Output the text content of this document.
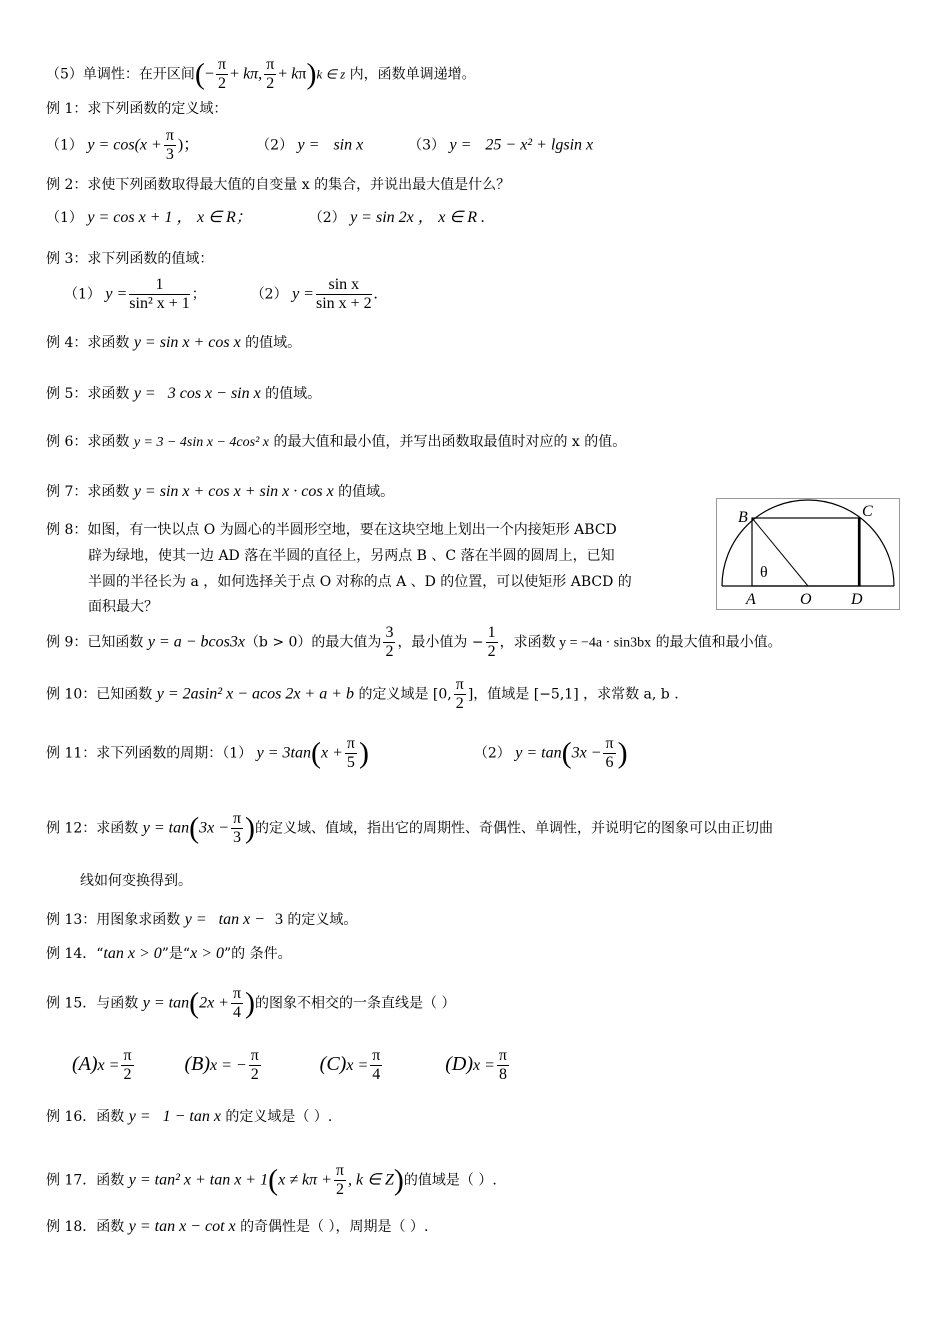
（5）单调性：在开区间(− $\frac{\pi}{2} + k\pi$, $\frac{\pi}{2} + k\pi)k$ ∈ z 内，函数单调递增。
例 1：求下列函数的定义域：
（1） $y = \cos(x + \frac{\pi}{3}$ )；	（2） y = sin x	（3） y = 25 − x² + lgsin x
例 2：求使下列函数取得最大值的自变量 x 的集合，并说出最大值是什么？
（1） y = cos x + 1 ， x ∈ R；	（2） y = sin 2x ， x ∈ R .
例 3：求下列函数的值域：
（1） $y = \frac{1}{\text{sin² x + 1}}$ ；	（2） $y = \frac{\text{sin x}}{\text{sin x + 2}}$ .
例 4：求函数 y = sin x + cos x 的值域。
例 5：求函数 y = 3 cos x − sin x 的值域。
例 6：求函数 y = 3 − 4sin x − 4cos² x 的最大值和最小值，并写出函数取最值时对应的 x 的值。
例 7：求函数 y = sin x + cos x + sin x · cos x 的值域。
例 8：如图，有一快以点 O 为圆心的半圆形空地，要在这块空地上划出一个内接矩形 ABCD
辟为绿地，使其一边 AD 落在半圆的直径上，另两点 B 、C 落在半圆的圆周上，已知
半圆的半径长为 a ，如何选择关于点 O 对称的点 A 、D 的位置，可以使矩形 ABCD 的
面积最大？
B	C
θ
A	O D
例 9：已知函数 y = a − bcos3x（b > 0）的最大值为 $\frac{3}{2}$ ，最小值为 − $\frac{1}{2}$ ，求函数 y = −4a · sin3bx 的最大值和最小值。
例 10：已知函数 y = 2asin² x − acos 2x + a + b 的定义域是 [0, $\frac{\pi}{2}$ ]，值域是 [−5,1] ，求常数 a, b .
例 11：求下列函数的周期：（1） $y = 3\tan(x + \frac{\pi}{5}$ )	（2） $y = \tan(3x - \frac{\pi}{6}$ )
例 12：求函数 $y = \tan(3x - \frac{\pi}{3}$ )的定义域、值域，指出它的周期性、奇偶性、单调性，并说明它的图象可以由正切曲
线如何变换得到。
例 13：用图象求函数 y = tan x − 3 的定义域。
例 14．“tan x > 0”是“x > 0”的 条件。
例 15．与函数 $y = \tan(2x + \frac{\pi}{4}$ )的图象不相交的一条直线是（ ）
$(A)x = \frac{\pi}{2}$	(B)x = − $\frac{\pi}{2}$	$(C)x = \frac{\pi}{4}$	$(D)x = \frac{\pi}{8}$
例 16．函数 y = 1 − tan x 的定义域是（ ）.
例 17．函数 y = tan² $x + \tan x + 1(x \ne k\pi + \frac{\pi}{2}$ , k ∈ Z)的值域是（ ）.
例 18．函数 y = tan x − cot x 的奇偶性是（ ），周期是（ ）.
